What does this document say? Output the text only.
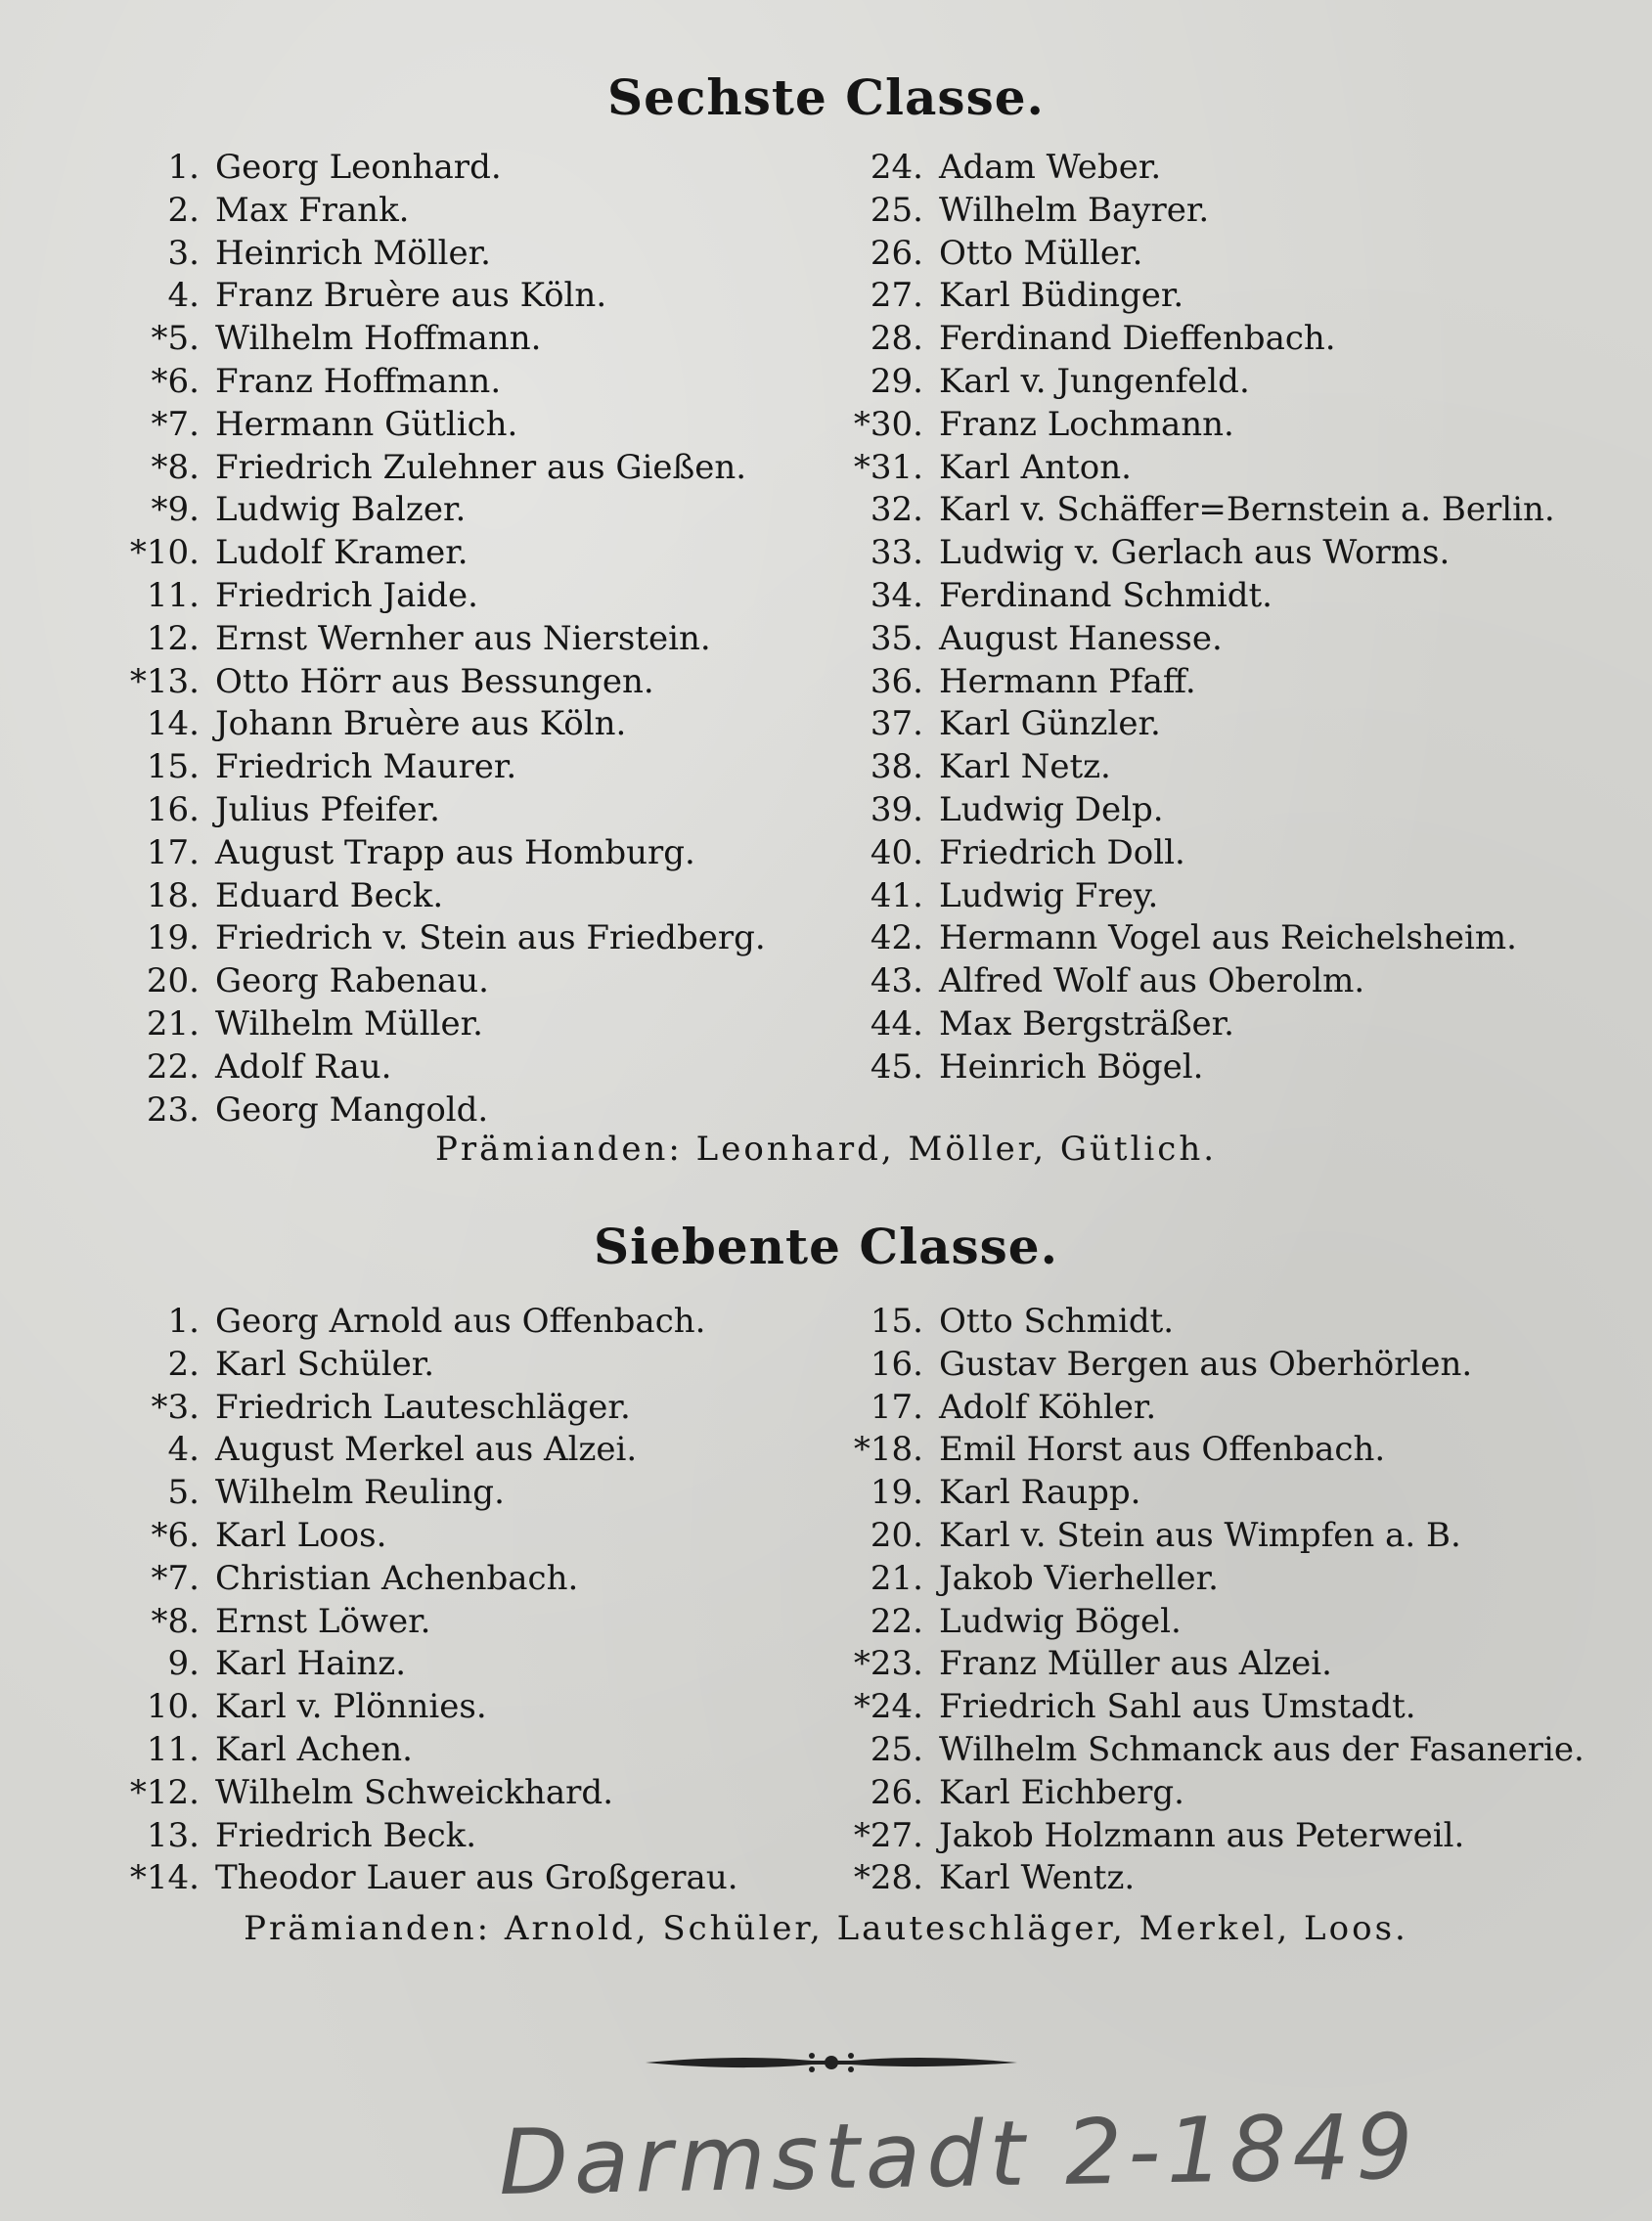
Sechste Classe.
1. Georg Leonhard.
2. Max Frank.
3. Heinrich Möller.
4. Franz Bruère aus Köln.
*5. Wilhelm Hoffmann.
*6. Franz Hoffmann.
*7. Hermann Gütlich.
*8. Friedrich Zulehner aus Gießen.
*9. Ludwig Balzer.
*10. Ludolf Kramer.
11. Friedrich Jaide.
12. Ernst Wernher aus Nierstein.
*13. Otto Hörr aus Bessungen.
14. Johann Bruère aus Köln.
15. Friedrich Maurer.
16. Julius Pfeifer.
17. August Trapp aus Homburg.
18. Eduard Beck.
19. Friedrich v. Stein aus Friedberg.
20. Georg Rabenau.
21. Wilhelm Müller.
22. Adolf Rau.
23. Georg Mangold.
24. Adam Weber.
25. Wilhelm Bayrer.
26. Otto Müller.
27. Karl Büdinger.
28. Ferdinand Dieffenbach.
29. Karl v. Jungenfeld.
*30. Franz Lochmann.
*31. Karl Anton.
32. Karl v. Schäffer=Bernstein a. Berlin.
33. Ludwig v. Gerlach aus Worms.
34. Ferdinand Schmidt.
35. August Hanesse.
36. Hermann Pfaff.
37. Karl Günzler.
38. Karl Netz.
39. Ludwig Delp.
40. Friedrich Doll.
41. Ludwig Frey.
42. Hermann Vogel aus Reichelsheim.
43. Alfred Wolf aus Oberolm.
44. Max Bergsträßer.
45. Heinrich Bögel.
Prämianden: Leonhard, Möller, Gütlich.
Siebente Classe.
1. Georg Arnold aus Offenbach.
2. Karl Schüler.
*3. Friedrich Lauteschläger.
4. August Merkel aus Alzei.
5. Wilhelm Reuling.
*6. Karl Loos.
*7. Christian Achenbach.
*8. Ernst Löwer.
9. Karl Hainz.
10. Karl v. Plönnies.
11. Karl Achen.
*12. Wilhelm Schweickhard.
13. Friedrich Beck.
*14. Theodor Lauer aus Großgerau.
15. Otto Schmidt.
16. Gustav Bergen aus Oberhörlen.
17. Adolf Köhler.
*18. Emil Horst aus Offenbach.
19. Karl Raupp.
20. Karl v. Stein aus Wimpfen a. B.
21. Jakob Vierheller.
22. Ludwig Bögel.
*23. Franz Müller aus Alzei.
*24. Friedrich Sahl aus Umstadt.
25. Wilhelm Schmanck aus der Fasanerie.
26. Karl Eichberg.
*27. Jakob Holzmann aus Peterweil.
*28. Karl Wentz.
Prämianden: Arnold, Schüler, Lauteschläger, Merkel, Loos.
Darmstadt 2-1849
